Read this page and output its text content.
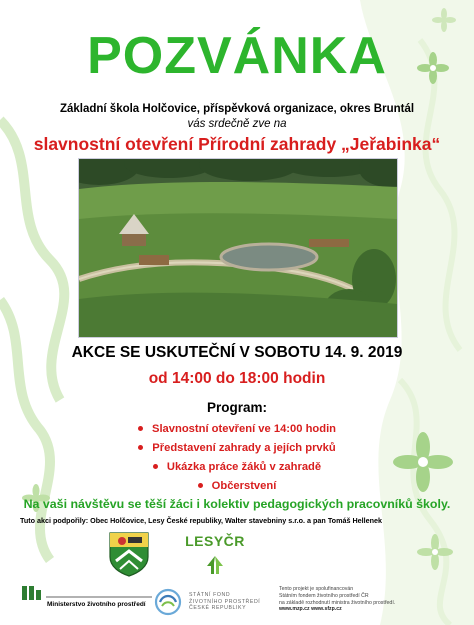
POZVÁNKA
Základní škola Holčovice, příspěvková organizace, okres Bruntál
vás srdečně zve na
slavnostní otevření Přírodní zahrady „Jeřabinka“
AKCE SE USKUTEČNÍ V SOBOTU 14. 9. 2019
od 14:00 do 18:00 hodin
Program:
Slavnostní otevření ve 14:00 hodin
Představení zahrady a jejích prvků
Ukázka práce žáků v zahradě
Občerstvení
Na vaši návštěvu se těší žáci i kolektiv pedagogických pracovníků školy.
Tuto akci podpořily: Obec Holčovice, Lesy České republiky, Walter stavebniny s.r.o. a pan Tomáš Hellenek
LESYČR
Ministerstvo životního prostředí
STÁTNÍ FOND
ŽIVOTNÍHO PROSTŘEDÍ
ČESKÉ REPUBLIKY
Tento projekt je spolufinancován
Státním fondem životního prostředí ČR
na základě rozhodnutí ministra životního prostředí.
www.mzp.cz www.sfzp.cz
